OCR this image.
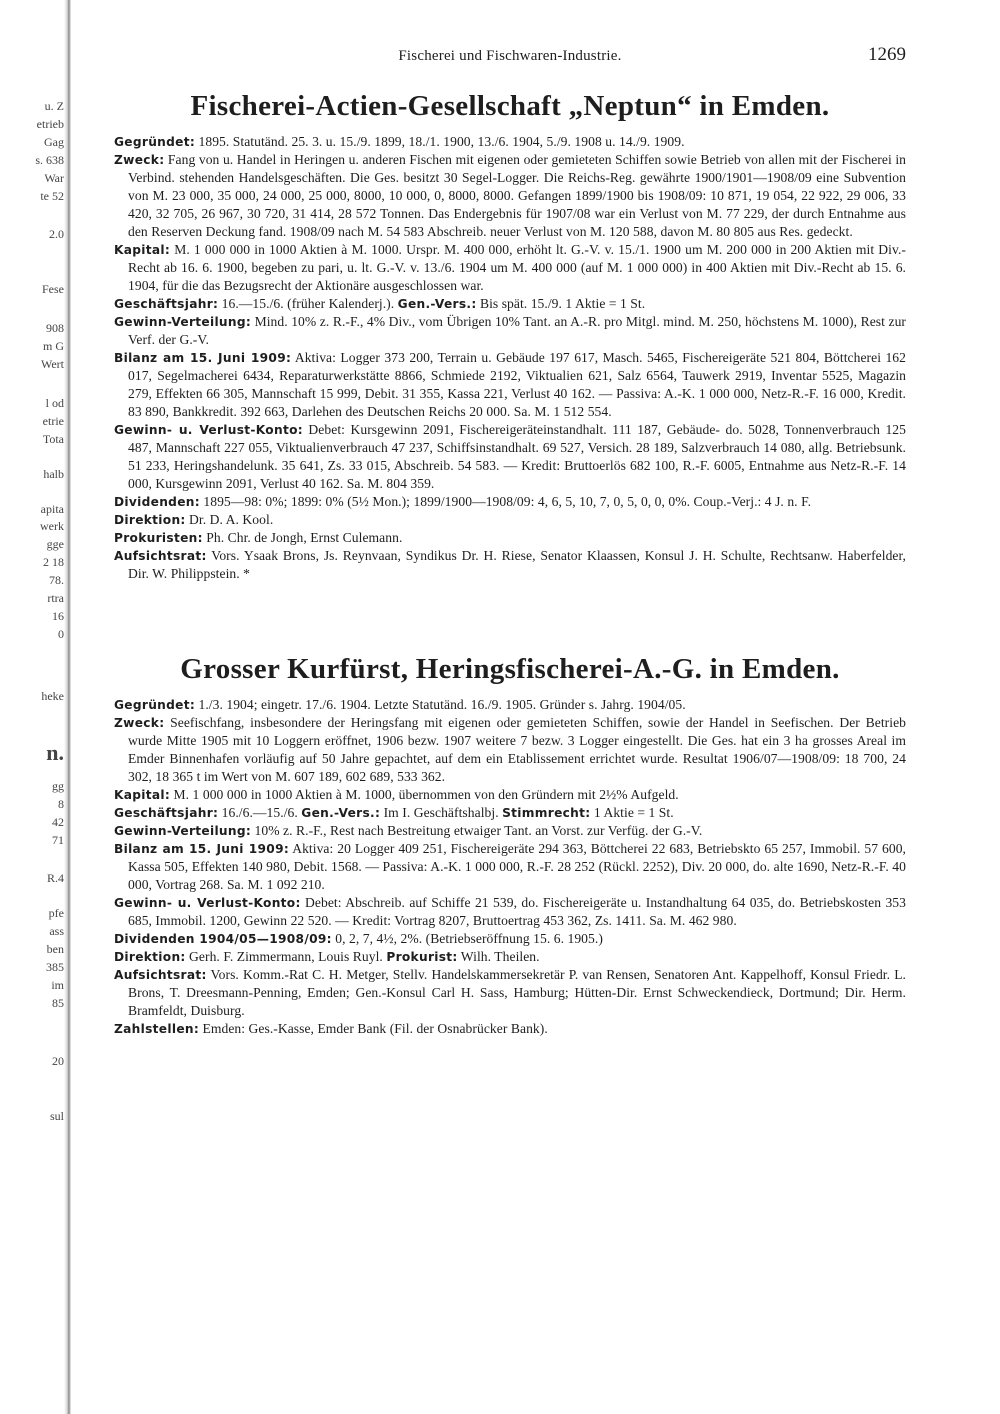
u. Z
etrieb
Gag
s. 638
War
te 52
2.0
Fese
908
m G
Wert
l od
etrie
Tota
halb
apita
werk
gge
2 18
78.
rtra
16
0
heke
n.
gg
8
42
71
R.4
pfe
ass
ben
385
im
85
20
sul
Fischerei und Fischwaren-Industrie.	1269
Fischerei-Actien-Gesellschaft „Neptun“ in Emden.

Gegründet: 1895. Statutänd. 25. 3. u. 15./9. 1899, 18./1. 1900, 13./6. 1904, 5./9. 1908 u. 14./9. 1909.

Zweck: Fang von u. Handel in Heringen u. anderen Fischen mit eigenen oder gemieteten Schiffen sowie Betrieb von allen mit der Fischerei in Verbind. stehenden Handelsgeschäften. Die Ges. besitzt 30 Segel-Logger. Die Reichs-Reg. gewährte 1900/1901—1908/09 eine Subvention von M. 23 000, 35 000, 24 000, 25 000, 8000, 10 000, 0, 8000, 8000. Gefangen 1899/1900 bis 1908/09: 10 871, 19 054, 22 922, 29 006, 33 420, 32 705, 26 967, 30 720, 31 414, 28 572 Tonnen. Das Endergebnis für 1907/08 war ein Verlust von M. 77 229, der durch Entnahme aus den Reserven Deckung fand. 1908/09 nach M. 54 583 Abschreib. neuer Verlust von M. 120 588, davon M. 80 805 aus Res. gedeckt.

Kapital: M. 1 000 000 in 1000 Aktien à M. 1000. Urspr. M. 400 000, erhöht lt. G.-V. v. 15./1. 1900 um M. 200 000 in 200 Aktien mit Div.-Recht ab 16. 6. 1900, begeben zu pari, u. lt. G.-V. v. 13./6. 1904 um M. 400 000 (auf M. 1 000 000) in 400 Aktien mit Div.-Recht ab 15. 6. 1904, für die das Bezugsrecht der Aktionäre ausgeschlossen war.

Geschäftsjahr: 16.—15./6. (früher Kalenderj.). Gen.-Vers.: Bis spät. 15./9. 1 Aktie = 1 St.

Gewinn-Verteilung: Mind. 10% z. R.-F., 4% Div., vom Übrigen 10% Tant. an A.-R. pro Mitgl. mind. M. 250, höchstens M. 1000), Rest zur Verf. der G.-V.

Bilanz am 15. Juni 1909: Aktiva: Logger 373 200, Terrain u. Gebäude 197 617, Masch. 5465, Fischereigeräte 521 804, Böttcherei 162 017, Segelmacherei 6434, Reparaturwerkstätte 8866, Schmiede 2192, Viktualien 621, Salz 6564, Tauwerk 2919, Inventar 5525, Magazin 279, Effekten 66 305, Mannschaft 15 999, Debit. 31 355, Kassa 221, Verlust 40 162. — Passiva: A.-K. 1 000 000, Netz-R.-F. 16 000, Kredit. 83 890, Bankkredit. 392 663, Darlehen des Deutschen Reichs 20 000. Sa. M. 1 512 554.

Gewinn- u. Verlust-Konto: Debet: Kursgewinn 2091, Fischereigeräteinstandhalt. 111 187, Gebäude- do. 5028, Tonnenverbrauch 125 487, Mannschaft 227 055, Viktualienverbrauch 47 237, Schiffsinstandhalt. 69 527, Versich. 28 189, Salzverbrauch 14 080, allg. Betriebsunk. 51 233, Heringshandelunk. 35 641, Zs. 33 015, Abschreib. 54 583. — Kredit: Bruttoerlös 682 100, R.-F. 6005, Entnahme aus Netz-R.-F. 14 000, Kursgewinn 2091, Verlust 40 162. Sa. M. 804 359.

Dividenden: 1895—98: 0%; 1899: 0% (5½ Mon.); 1899/1900—1908/09: 4, 6, 5, 10, 7, 0, 5, 0, 0, 0%. Coup.-Verj.: 4 J. n. F.

Direktion: Dr. D. A. Kool.

Prokuristen: Ph. Chr. de Jongh, Ernst Culemann.

Aufsichtsrat: Vors. Ysaak Brons, Js. Reynvaan, Syndikus Dr. H. Riese, Senator Klaassen, Konsul J. H. Schulte, Rechtsanw. Haberfelder, Dir. W. Philippstein. *

Grosser Kurfürst, Heringsfischerei-A.-G. in Emden.

Gegründet: 1./3. 1904; eingetr. 17./6. 1904. Letzte Statutänd. 16./9. 1905. Gründer s. Jahrg. 1904/05.

Zweck: Seefischfang, insbesondere der Heringsfang mit eigenen oder gemieteten Schiffen, sowie der Handel in Seefischen. Der Betrieb wurde Mitte 1905 mit 10 Loggern eröffnet, 1906 bezw. 1907 weitere 7 bezw. 3 Logger eingestellt. Die Ges. hat ein 3 ha grosses Areal im Emder Binnenhafen vorläufig auf 50 Jahre gepachtet, auf dem ein Etablissement errichtet wurde. Resultat 1906/07—1908/09: 18 700, 24 302, 18 365 t im Wert von M. 607 189, 602 689, 533 362.

Kapital: M. 1 000 000 in 1000 Aktien à M. 1000, übernommen von den Gründern mit 2½% Aufgeld.

Geschäftsjahr: 16./6.—15./6. Gen.-Vers.: Im I. Geschäftshalbj. Stimmrecht: 1 Aktie = 1 St.

Gewinn-Verteilung: 10% z. R.-F., Rest nach Bestreitung etwaiger Tant. an Vorst. zur Verfüg. der G.-V.

Bilanz am 15. Juni 1909: Aktiva: 20 Logger 409 251, Fischereigeräte 294 363, Böttcherei 22 683, Betriebskto 65 257, Immobil. 57 600, Kassa 505, Effekten 140 980, Debit. 1568. — Passiva: A.-K. 1 000 000, R.-F. 28 252 (Rückl. 2252), Div. 20 000, do. alte 1690, Netz-R.-F. 40 000, Vortrag 268. Sa. M. 1 092 210.

Gewinn- u. Verlust-Konto: Debet: Abschreib. auf Schiffe 21 539, do. Fischereigeräte u. Instandhaltung 64 035, do. Betriebskosten 353 685, Immobil. 1200, Gewinn 22 520. — Kredit: Vortrag 8207, Bruttoertrag 453 362, Zs. 1411. Sa. M. 462 980.

Dividenden 1904/05—1908/09: 0, 2, 7, 4½, 2%. (Betriebseröffnung 15. 6. 1905.)

Direktion: Gerh. F. Zimmermann, Louis Ruyl. Prokurist: Wilh. Theilen.

Aufsichtsrat: Vors. Komm.-Rat C. H. Metger, Stellv. Handelskammersekretär P. van Rensen, Senatoren Ant. Kappelhoff, Konsul Friedr. L. Brons, T. Dreesmann-Penning, Emden; Gen.-Konsul Carl H. Sass, Hamburg; Hütten-Dir. Ernst Schweckendieck, Dortmund; Dir. Herm. Bramfeldt, Duisburg.

Zahlstellen: Emden: Ges.-Kasse, Emder Bank (Fil. der Osnabrücker Bank).
